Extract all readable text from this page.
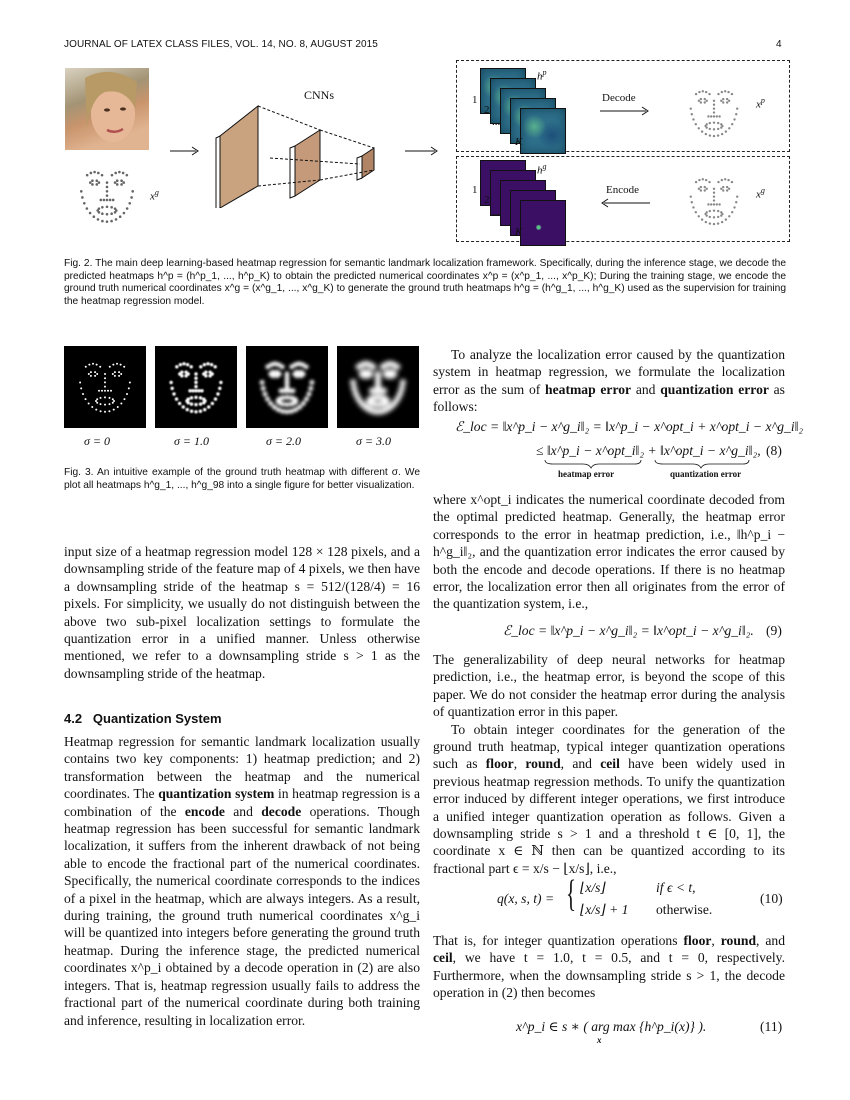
JOURNAL OF LATEX CLASS FILES, VOL. 14, NO. 8, AUGUST 2015	4
$x^g$
CNNs
$h^p$
1
2
...
K
Decode
$x^p$
$h^g$
1
2
...
K
Encode	$x^g$
Fig. 2. The main deep learning-based heatmap regression for semantic landmark localization framework. Specifically, during the inference stage, we decode the predicted heatmaps h^p = (h^p_1, ..., h^p_K) to obtain the predicted numerical coordinates x^p = (x^p_1, ..., x^p_K); During the training stage, we encode the ground truth numerical coordinates x^g = (x^g_1, ..., x^g_K) to generate the ground truth heatmaps h^g = (h^g_1, ..., h^g_K) used as the supervision for training the heatmap regression model.
σ = 0	σ = 1.0	σ = 2.0	σ = 3.0
Fig. 3. An intuitive example of the ground truth heatmap with different σ. We plot all heatmaps h^g_1, ..., h^g_98 into a single figure for better visualization.

input size of a heatmap regression model 128 × 128 pixels, and a downsampling stride of the feature map of 4 pixels, we then have a downsampling stride of the heatmap s = 512/(128/4) = 16 pixels. For simplicity, we usually do not distinguish between the above two sub-pixel localization settings to formulate the quantization error in a unified manner. Unless otherwise mentioned, we refer to a downsampling stride s > 1 as the downsampling stride of the heatmap.

4.2 Quantization System

Heatmap regression for semantic landmark localization usually contains two key components: 1) heatmap prediction; and 2) transformation between the heatmap and the numerical coordinates. The quantization system in heatmap regression is a combination of the encode and decode operations. Though heatmap regression has been successful for semantic landmark localization, it suffers from the inherent drawback of not being able to encode the fractional part of the numerical coordinates. Specifically, the numerical coordinate corresponds to the indices of a pixel in the heatmap, which are always integers. As a result, during training, the ground truth numerical coordinates x^g_i will be quantized into integers before generating the ground truth heatmap. During the inference stage, the predicted numerical coordinates x^p_i obtained by a decode operation in (2) are also integers. That is, heatmap regression usually fails to address the fractional part of the numerical coordinate during both training and inference, resulting in localization error.

To analyze the localization error caused by the quantization system in heatmap regression, we formulate the localization error as the sum of heatmap error and quantization error as follows:

ℰ_loc = ‖x^p_i − x^g_i‖₂ = ‖x^p_i − x^opt_i + x^opt_i − x^g_i‖₂
≤ ‖x^p_i − x^opt_i‖₂ + ‖x^opt_i − x^g_i‖₂,
heatmap error	quantization error
(8)

where x^opt_i indicates the numerical coordinate decoded from the optimal predicted heatmap. Generally, the heatmap error corresponds to the error in heatmap prediction, i.e., ‖h^p_i − h^g_i‖₂, and the quantization error indicates the error caused by both the encode and decode operations. If there is no heatmap error, the localization error then all originates from the error of the quantization system, i.e.,

ℰ_loc = ‖x^p_i − x^g_i‖₂ = ‖x^opt_i − x^g_i‖₂. (9)

The generalizability of deep neural networks for heatmap prediction, i.e., the heatmap error, is beyond the scope of this paper. We do not consider the heatmap error during the analysis of quantization error in this paper.

To obtain integer coordinates for the generation of the ground truth heatmap, typical integer quantization operations such as floor, round, and ceil have been widely used in previous heatmap regression methods. To unify the quantization error induced by different integer operations, we first introduce a unified integer quantization operation as follows. Given a downsampling stride s > 1 and a threshold t ∈ [0, 1], the coordinate x ∈ ℕ then can be quantized according to its fractional part ϵ = x/s − ⌊x/s⌋, i.e.,

q(x, s, t) = { ⌊x/s⌋	if ϵ < t,
⌊x/s⌋ + 1 otherwise.
(10)

That is, for integer quantization operations floor, round, and ceil, we have t = 1.0, t = 0.5, and t = 0, respectively. Furthermore, when the downsampling stride s > 1, the decode operation in (2) then becomes

x^p_i ∈ s ∗ ( arg max {h^p_i(x)} ).
x
(11)
